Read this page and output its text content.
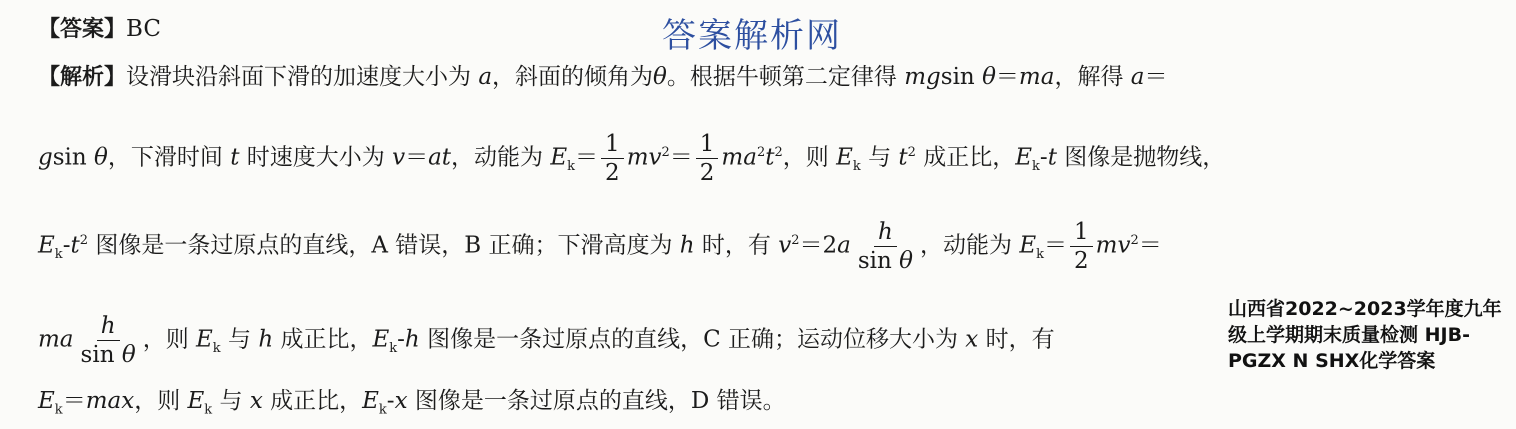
答案解析网
【答案】BC
【解析】设滑块沿斜面下滑的加速度大小为 a，斜面的倾角为θ。根据牛顿第二定律得 mgsin θ＝ma，解得 a＝
gsin θ，下滑时间 t 时速度大小为 v＝at，动能为 $E_k= \frac{1}{2} mv^2= \frac{1}{2} ma^2t^2$，则 $E_k$ 与 $t^2$ 成正比，$E_k-t$ 图像是抛物线，
$E_k-t^2$ 图像是一条过原点的直线，A 错误，B 正确；下滑高度为 h 时，有 $v^2=2a \frac{h}{\text{sin θ}}$ ，动能为 $E_k= \frac{1}{2} mv^2=$
ma $\frac{h}{\text{sin θ}}$ ，则 $E_k$ 与 h 成正比，$E_k-h$ 图像是一条过原点的直线，C 正确；运动位移大小为 x 时，有
$E_k=\max$，则 $E_k$ 与 x 成正比，$E_k-x$ 图像是一条过原点的直线，D 错误。
山西省2022~2023学年度九年级上学期期末质量检测 HJB-PGZX N SHX化学答案
